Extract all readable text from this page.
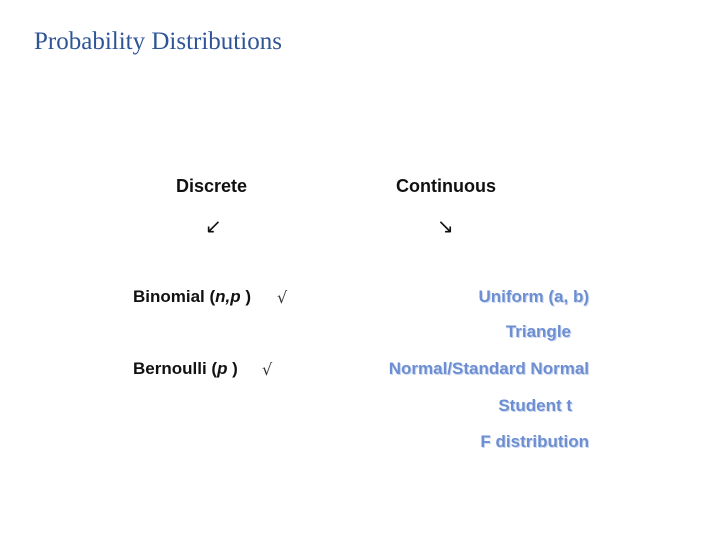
Probability Distributions
Discrete	Continuous
↙	↘
Binomial (n,p ) √
Bernoulli (p ) √
Uniform (a, b)
Triangle
Normal/Standard Normal
Student t
F distribution
